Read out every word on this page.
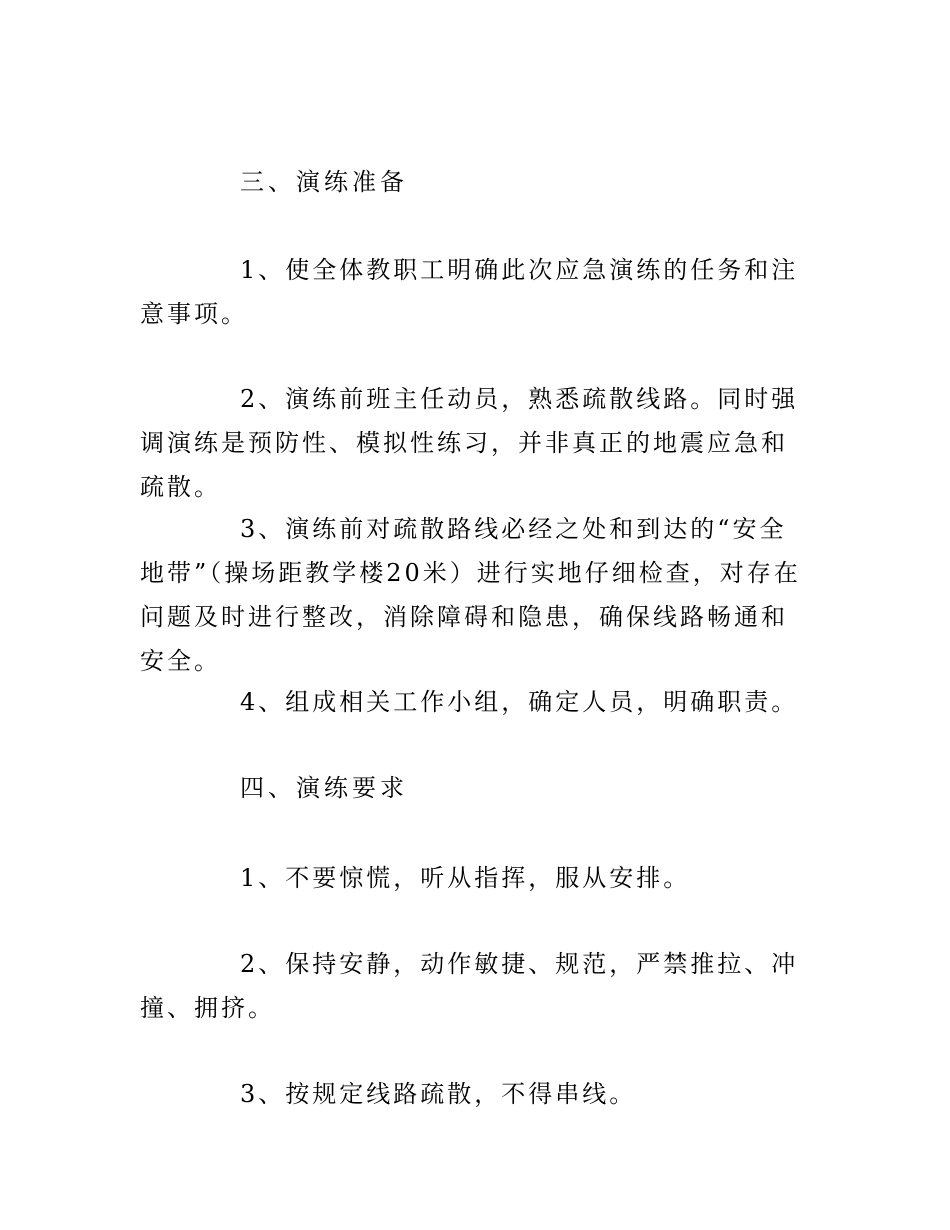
三、演练准备

1、使全体教职工明确此次应急演练的任务和注意事项。

2、演练前班主任动员，熟悉疏散线路。同时强调演练是预防性、模拟性练习，并非真正的地震应急和疏散。

3、演练前对疏散路线必经之处和到达的“安全地带”（操场距教学楼20米）进行实地仔细检查，对存在问题及时进行整改，消除障碍和隐患，确保线路畅通和安全。

4、组成相关工作小组，确定人员，明确职责。

四、演练要求

1、不要惊慌，听从指挥，服从安排。

2、保持安静，动作敏捷、规范，严禁推拉、冲撞、拥挤。

3、按规定线路疏散，不得串线。
